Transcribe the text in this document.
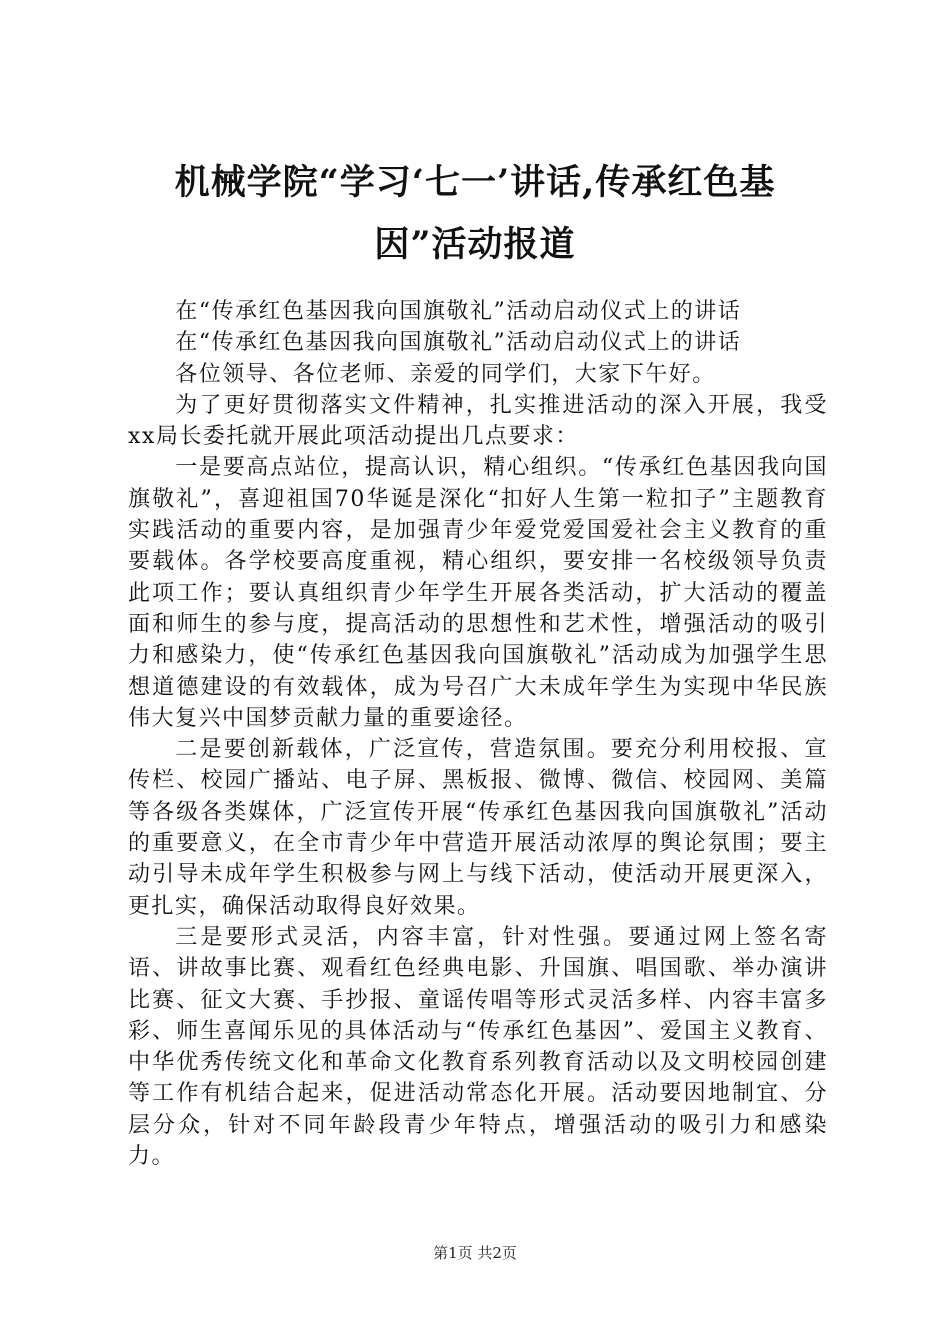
机械学院“学习‘七一’讲话,传承红色基
因”活动报道

在“传承红色基因我向国旗敬礼”活动启动仪式上的讲话

在“传承红色基因我向国旗敬礼”活动启动仪式上的讲话

各位领导、各位老师、亲爱的同学们，大家下午好。

为了更好贯彻落实文件精神，扎实推进活动的深入开展，我受xx局长委托就开展此项活动提出几点要求：

一是要高点站位，提高认识，精心组织。“传承红色基因我向国旗敬礼”，喜迎祖国70华诞是深化“扣好人生第一粒扣子”主题教育实践活动的重要内容，是加强青少年爱党爱国爱社会主义教育的重要载体。各学校要高度重视，精心组织，要安排一名校级领导负责此项工作；要认真组织青少年学生开展各类活动，扩大活动的覆盖面和师生的参与度，提高活动的思想性和艺术性，增强活动的吸引力和感染力，使“传承红色基因我向国旗敬礼”活动成为加强学生思想道德建设的有效载体，成为号召广大未成年学生为实现中华民族伟大复兴中国梦贡献力量的重要途径。

二是要创新载体，广泛宣传，营造氛围。要充分利用校报、宣传栏、校园广播站、电子屏、黑板报、微博、微信、校园网、美篇等各级各类媒体，广泛宣传开展“传承红色基因我向国旗敬礼”活动的重要意义，在全市青少年中营造开展活动浓厚的舆论氛围；要主动引导未成年学生积极参与网上与线下活动，使活动开展更深入，更扎实，确保活动取得良好效果。

三是要形式灵活，内容丰富，针对性强。要通过网上签名寄语、讲故事比赛、观看红色经典电影、升国旗、唱国歌、举办演讲比赛、征文大赛、手抄报、童谣传唱等形式灵活多样、内容丰富多彩、师生喜闻乐见的具体活动与“传承红色基因”、爱国主义教育、中华优秀传统文化和革命文化教育系列教育活动以及文明校园创建等工作有机结合起来，促进活动常态化开展。活动要因地制宜、分层分众，针对不同年龄段青少年特点，增强活动的吸引力和感染力。

第1页 共2页
